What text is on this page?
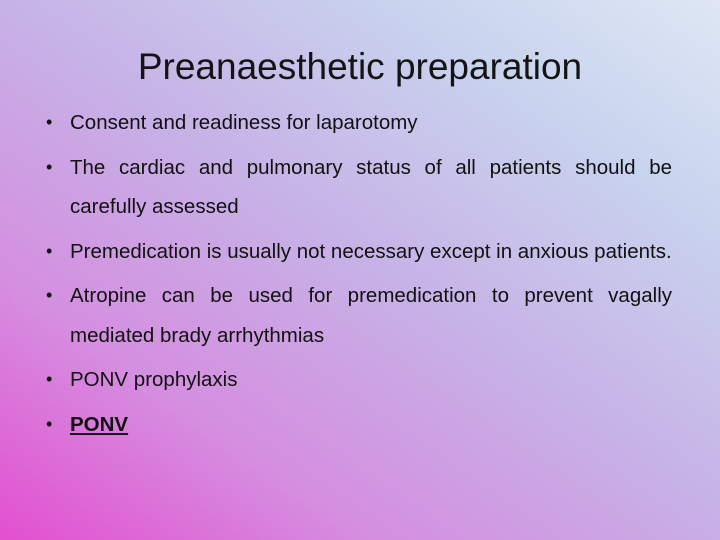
Preanaesthetic preparation
• Consent and readiness for laparotomy
• The cardiac and pulmonary status of all patients should be carefully assessed
• Premedication is usually not necessary except in anxious patients.
• Atropine can be used for premedication to prevent vagally mediated brady arrhythmias
• PONV prophylaxis
• PONV
